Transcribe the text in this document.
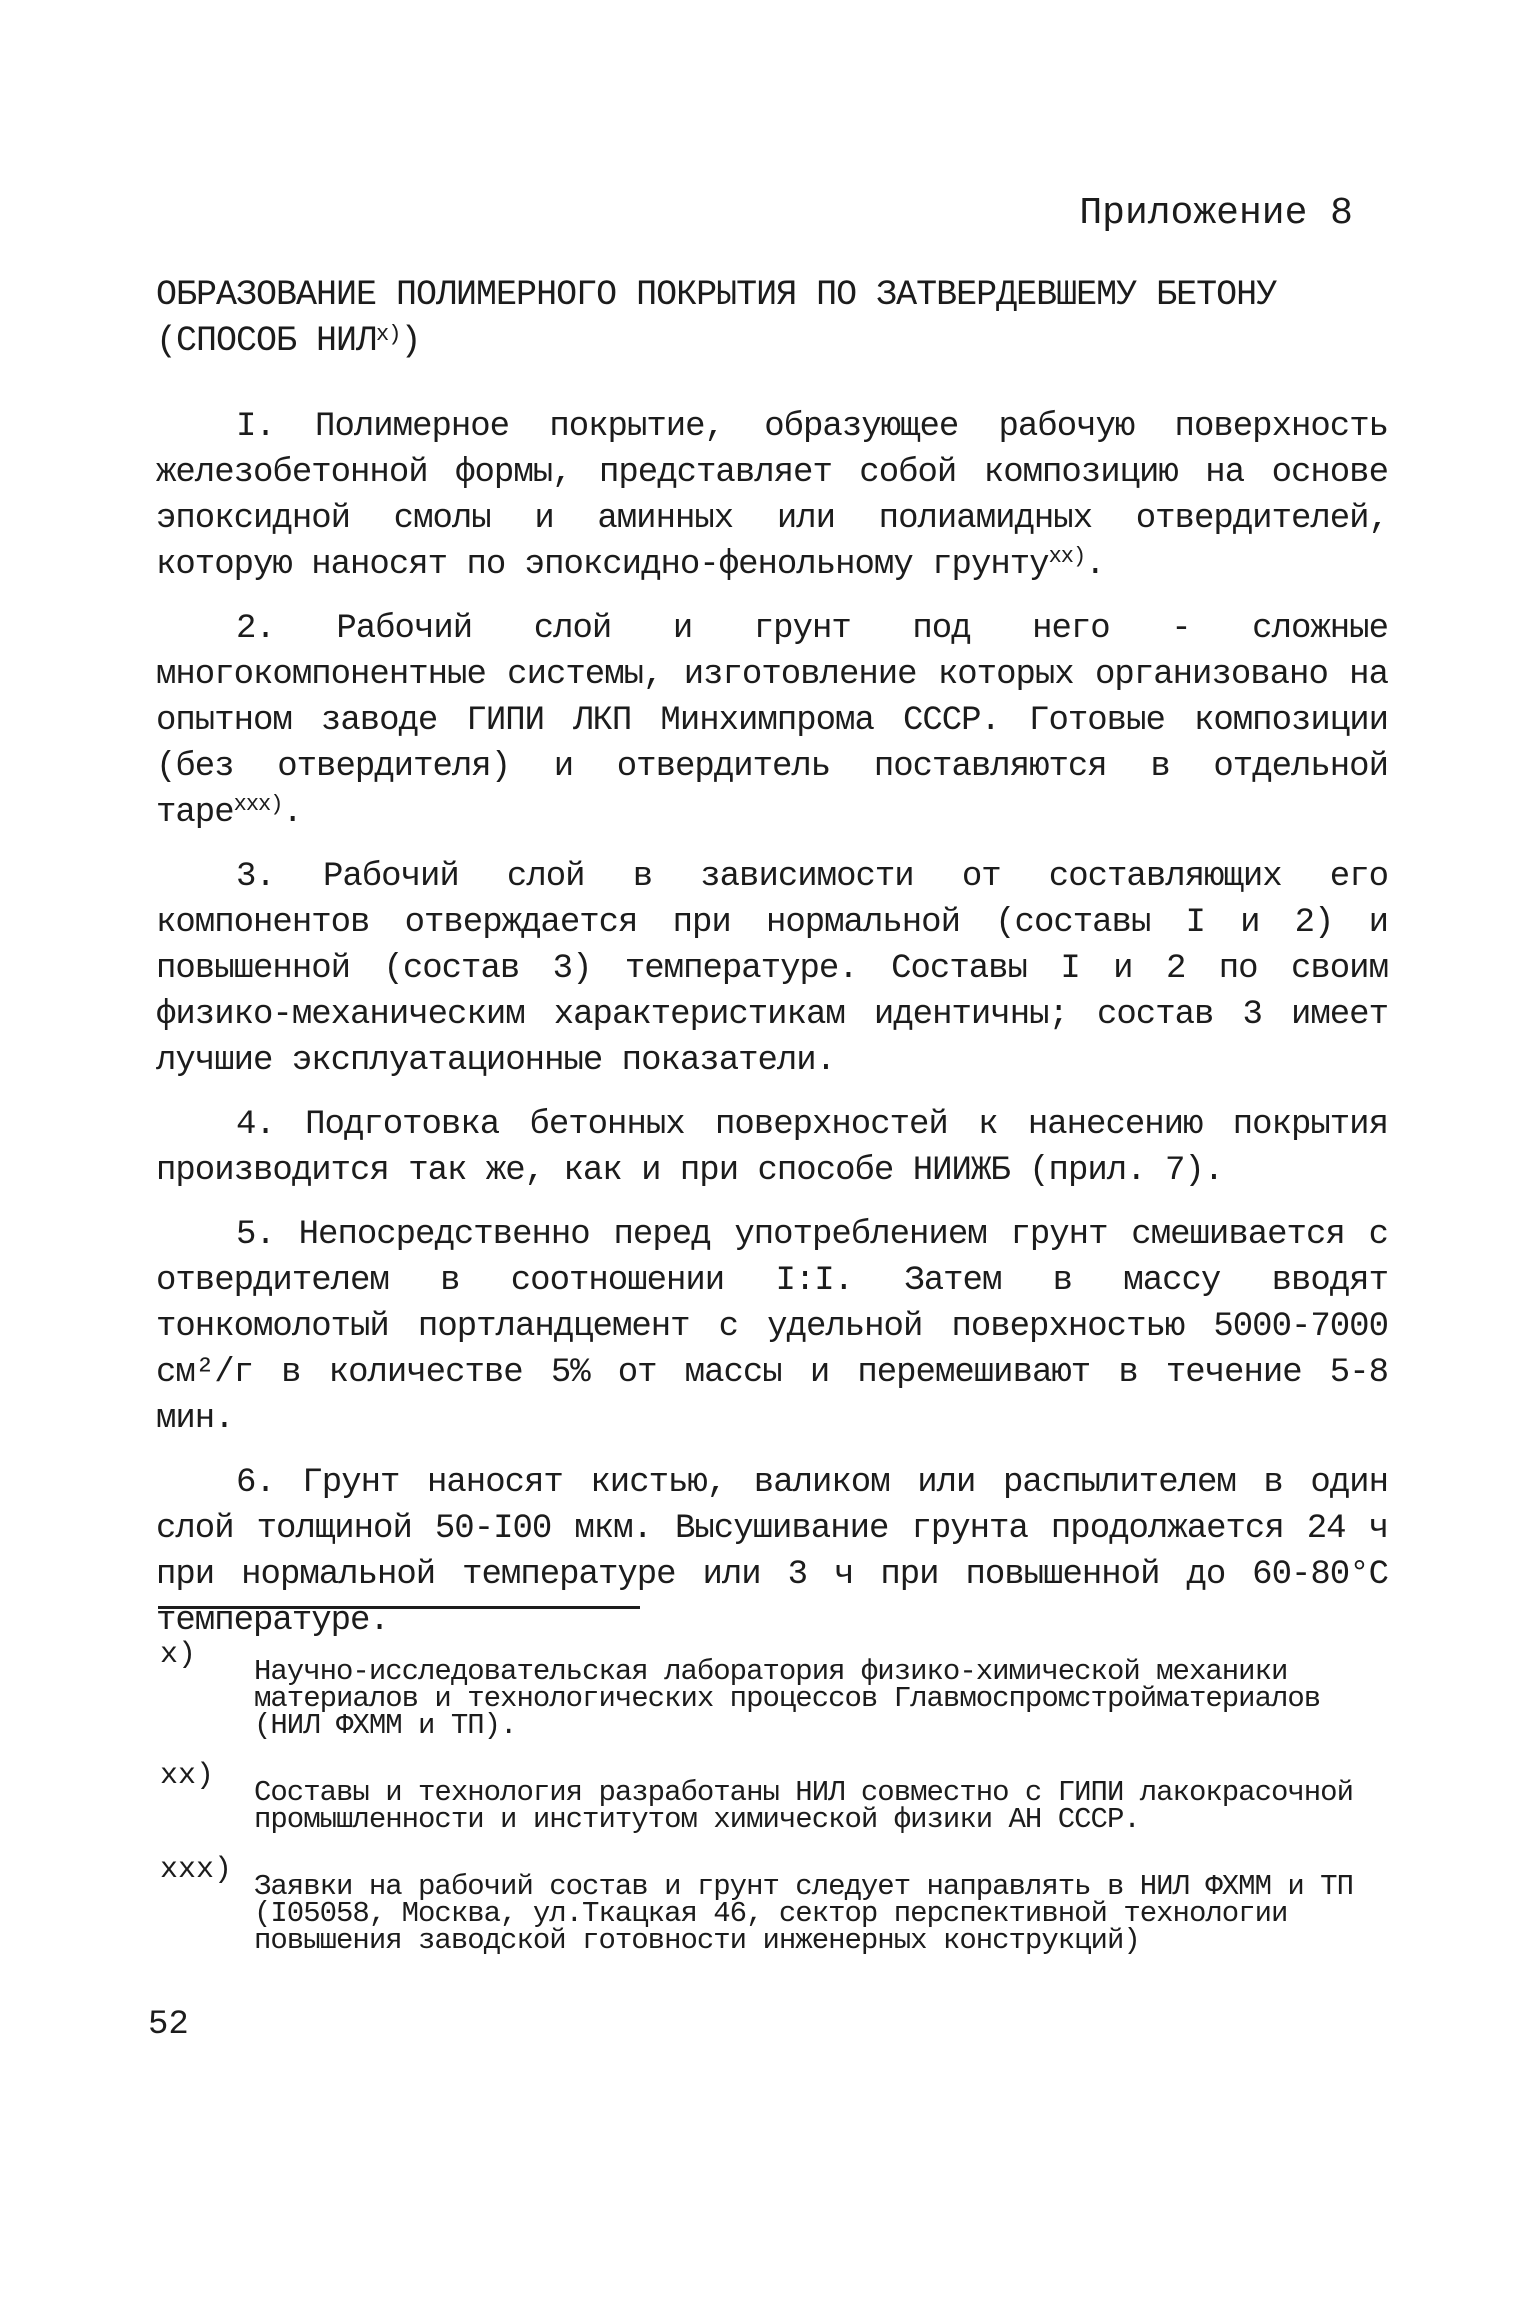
Приложение 8
ОБРАЗОВАНИЕ ПОЛИМЕРНОГО ПОКРЫТИЯ ПО ЗАТВЕРДЕВШЕМУ БЕТОНУ (СПОСОБ НИЛ$^{x)}$)

I. Полимерное покрытие, образующее рабочую поверхность железобетонной формы, представляет собой композицию на основе эпоксидной смолы и аминных или полиамидных отвердителей, которую наносят по эпоксидно-фенольному грунту$^{xx)}$.

2. Рабочий слой и грунт под него - сложные многокомпонентные системы, изготовление которых организовано на опытном заводе ГИПИ ЛКП Минхимпрома СССР. Готовые композиции (без отвердителя) и отвердитель поставляются в отдельной таре$^{xxx)}$.

3. Рабочий слой в зависимости от составляющих его компонентов отверждается при нормальной (составы I и 2) и повышенной (состав 3) температуре. Составы I и 2 по своим физико-механическим характеристикам идентичны; состав 3 имеет лучшие эксплуатационные показатели.

4. Подготовка бетонных поверхностей к нанесению покрытия производится так же, как и при способе НИИЖБ (прил. 7).

5. Непосредственно перед употреблением грунт смешивается с отвердителем в соотношении I:I. Затем в массу вводят тонкомолотый портландцемент с удельной поверхностью 5000-7000 см²/г в количестве 5% от массы и перемешивают в течение 5-8 мин.

6. Грунт наносят кистью, валиком или распылителем в один слой толщиной 50-I00 мкм. Высушивание грунта продолжается 24 ч при нормальной температуре или 3 ч при повышенной до 60-80°С температуре.

x)	Научно-исследовательская лаборатория физико-химической механики материалов и технологических процессов Главмоспромстройматериалов (НИЛ ФХММ и ТП).
xx)	Составы и технология разработаны НИЛ совместно с ГИПИ лакокрасочной промышленности и институтом химической физики АН СССР.
xxx) Заявки на рабочий состав и грунт следует направлять в НИЛ ФХММ и ТП (I05058, Москва, ул.Ткацкая 46, сектор перспективной технологии повышения заводской готовности инженерных конструкций)
52
